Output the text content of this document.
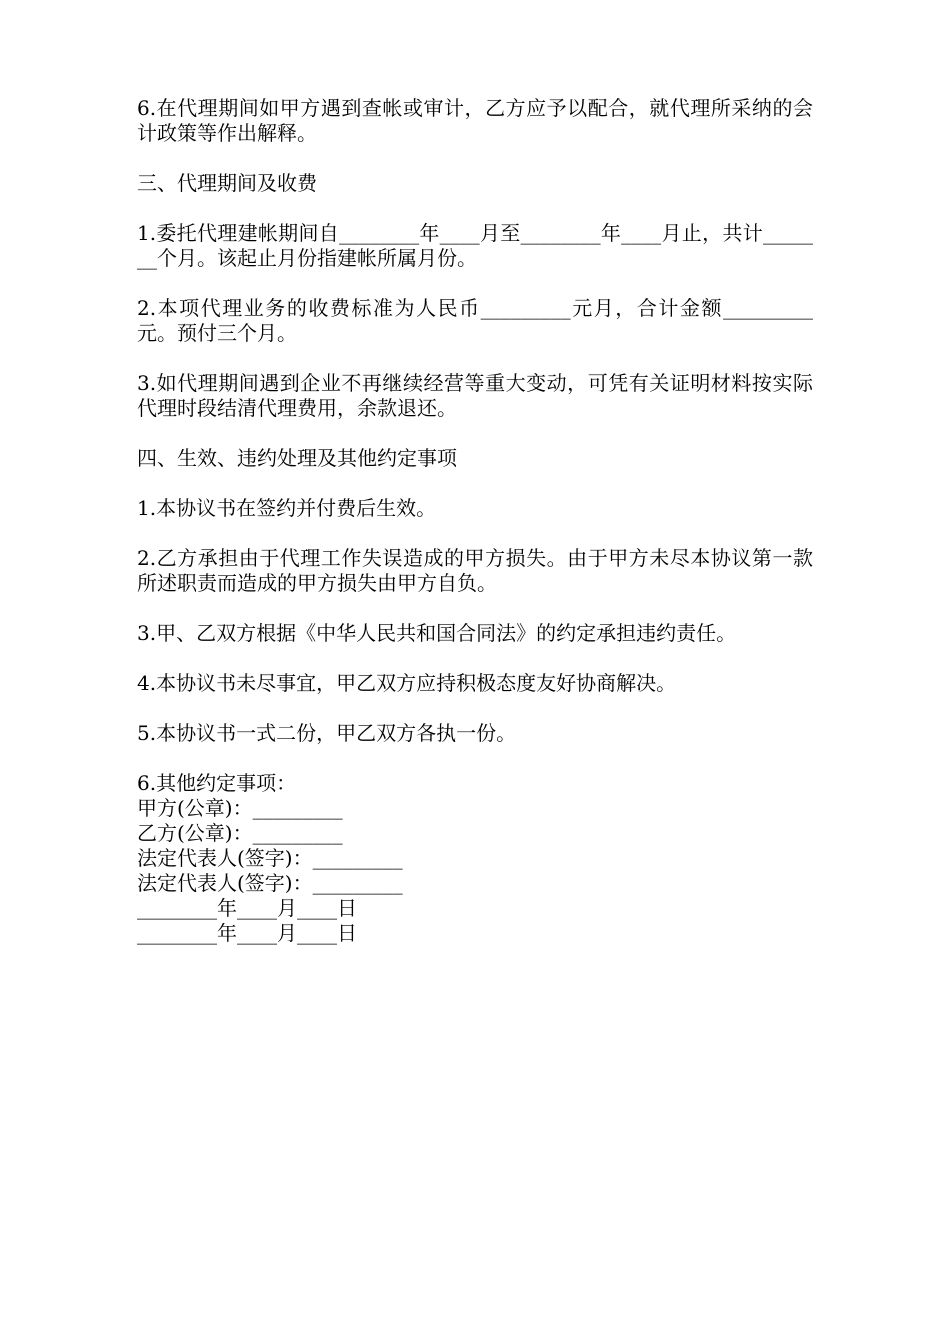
6.在代理期间如甲方遇到查帐或审计，乙方应予以配合，就代理所采纳的会计政策等作出解释。

三、代理期间及收费

1.委托代理建帐期间自________年____月至________年____月止，共计_______个月。该起止月份指建帐所属月份。

2.本项代理业务的收费标准为人民币_________元月，合计金额_________元。预付三个月。

3.如代理期间遇到企业不再继续经营等重大变动，可凭有关证明材料按实际代理时段结清代理费用，余款退还。

四、生效、违约处理及其他约定事项

1.本协议书在签约并付费后生效。

2.乙方承担由于代理工作失误造成的甲方损失。由于甲方未尽本协议第一款所述职责而造成的甲方损失由甲方自负。

3.甲、乙双方根据《中华人民共和国合同法》的约定承担违约责任。

4.本协议书未尽事宜，甲乙双方应持积极态度友好协商解决。

5.本协议书一式二份，甲乙双方各执一份。

6.其他约定事项：

甲方(公章)：_________

乙方(公章)：_________

法定代表人(签字)：_________

法定代表人(签字)：_________

________年____月____日

________年____月____日
